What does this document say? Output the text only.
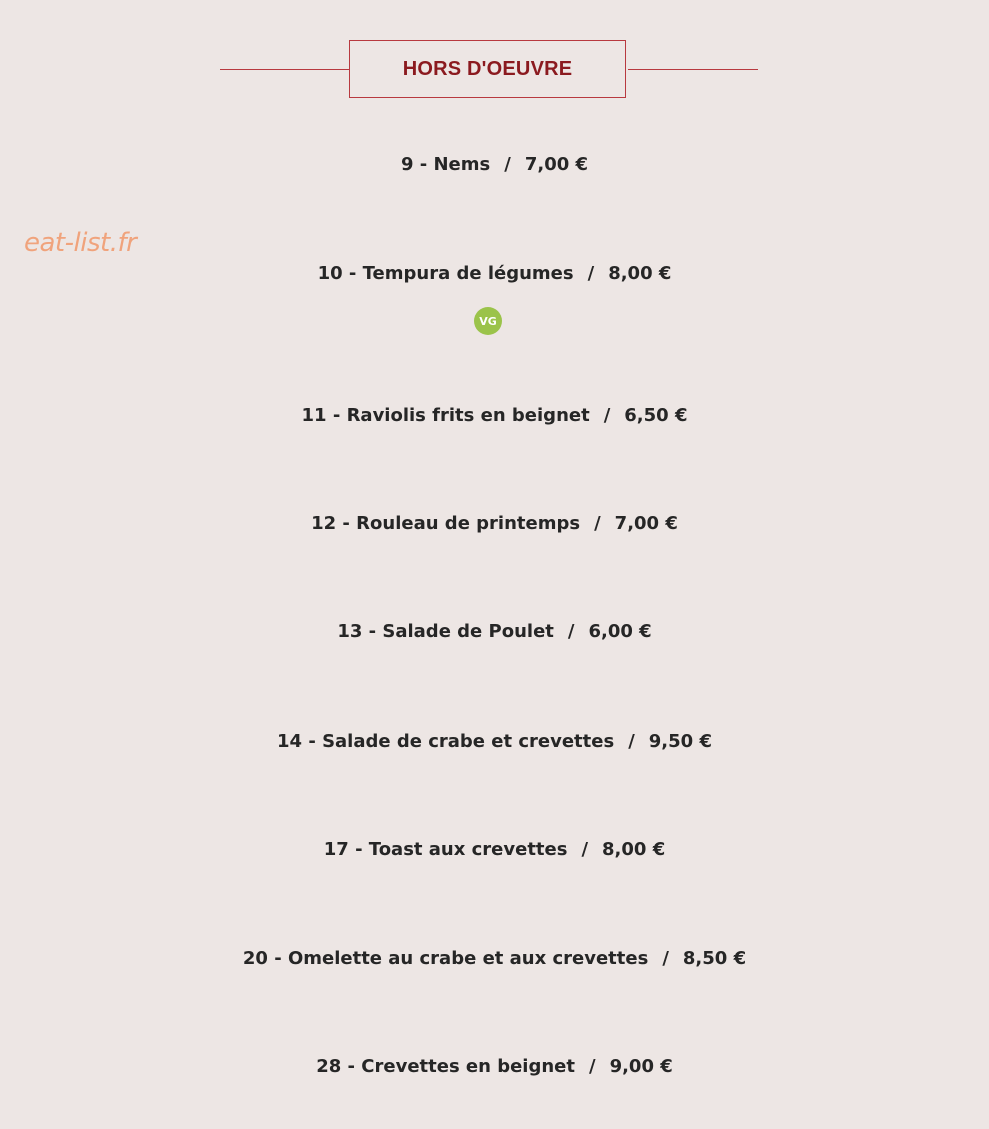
HORS D'OEUVRE
eat-list.fr
9 - Nems / 7,00 €
10 - Tempura de légumes / 8,00 €
VG
11 - Raviolis frits en beignet / 6,50 €
12 - Rouleau de printemps / 7,00 €
13 - Salade de Poulet / 6,00 €
14 - Salade de crabe et crevettes / 9,50 €
17 - Toast aux crevettes / 8,00 €
20 - Omelette au crabe et aux crevettes / 8,50 €
28 - Crevettes en beignet / 9,00 €
